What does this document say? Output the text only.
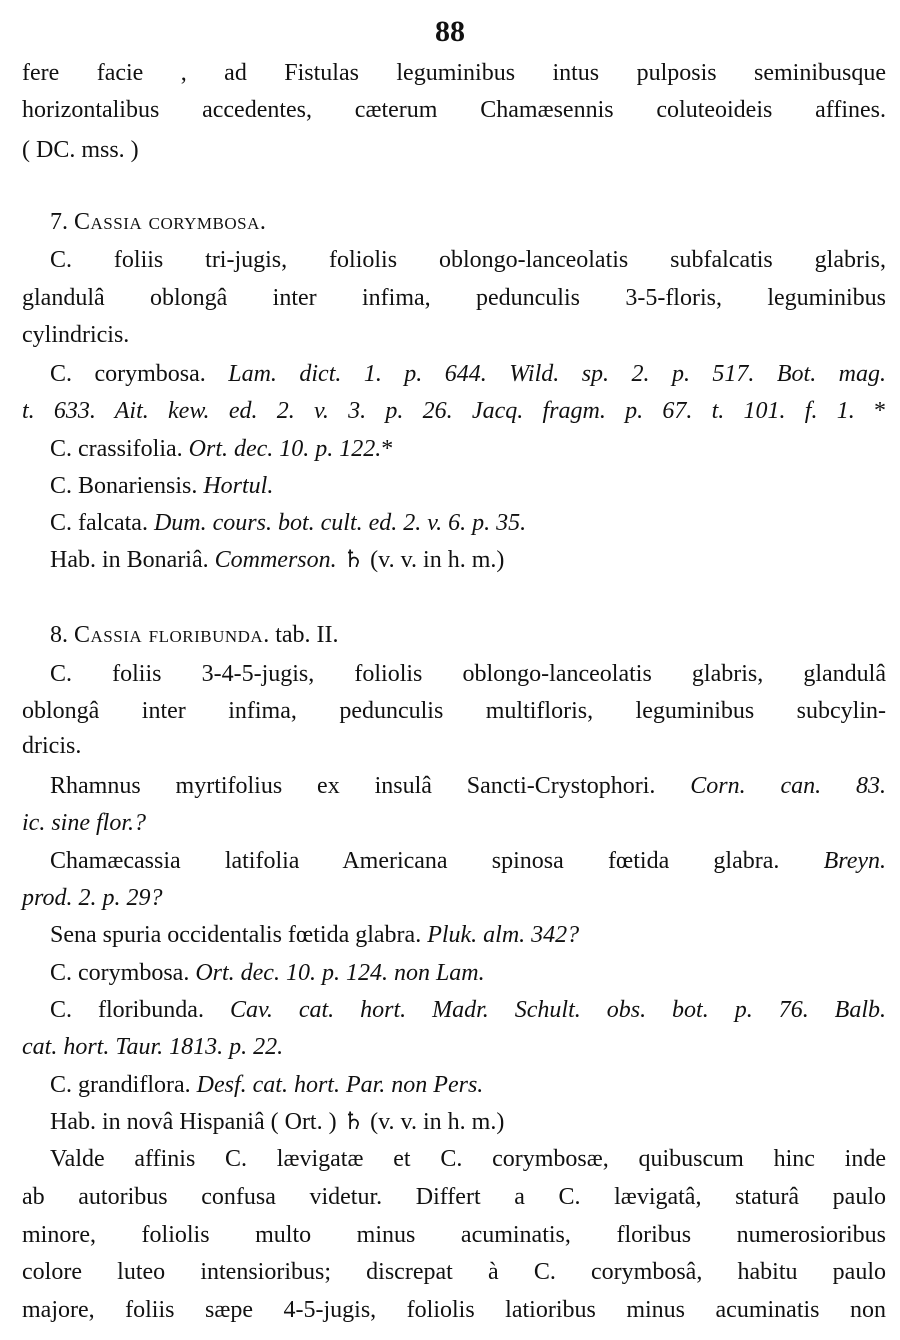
88
fere facie , ad Fistulas leguminibus intus pulposis seminibusque
horizontalibus accedentes, cæterum Chamæsennis coluteoideis affines.
( DC. mss. )
7. Cassia corymbosa.
C. foliis tri-jugis, foliolis oblongo-lanceolatis subfalcatis glabris,
glandulâ oblongâ inter infima, pedunculis 3-5-floris, leguminibus
cylindricis.
C. corymbosa. Lam. dict. 1. p. 644. Wild. sp. 2. p. 517. Bot. mag.
t. 633. Ait. kew. ed. 2. v. 3. p. 26. Jacq. fragm. p. 67. t. 101. f. 1. *
C. crassifolia. Ort. dec. 10. p. 122.*
C. Bonariensis. Hortul.
C. falcata. Dum. cours. bot. cult. ed. 2. v. 6. p. 35.
Hab. in Bonariâ. Commerson. ♄ (v. v. in h. m.)
8. Cassia floribunda. tab. II.
C. foliis 3-4-5-jugis, foliolis oblongo-lanceolatis glabris, glandulâ
oblongâ inter infima, pedunculis multifloris, leguminibus subcylin-
dricis.
Rhamnus myrtifolius ex insulâ Sancti-Crystophori. Corn. can. 83.
ic. sine flor.?
Chamæcassia latifolia Americana spinosa fœtida glabra. Breyn.
prod. 2. p. 29?
Sena spuria occidentalis fœtida glabra. Pluk. alm. 342?
C. corymbosa. Ort. dec. 10. p. 124. non Lam.
C. floribunda. Cav. cat. hort. Madr. Schult. obs. bot. p. 76. Balb.
cat. hort. Taur. 1813. p. 22.
C. grandiflora. Desf. cat. hort. Par. non Pers.
Hab. in novâ Hispaniâ ( Ort. ) ♄ (v. v. in h. m.)
Valde affinis C. lævigatæ et C. corymbosæ, quibuscum hinc inde
ab autoribus confusa videtur. Differt a C. lævigatâ, staturâ paulo
minore, foliolis multo minus acuminatis, floribus numerosioribus
colore luteo intensioribus; discrepat à C. corymbosâ, habitu paulo
majore, foliis sæpe 4-5-jugis, foliolis latioribus minus acuminatis non
